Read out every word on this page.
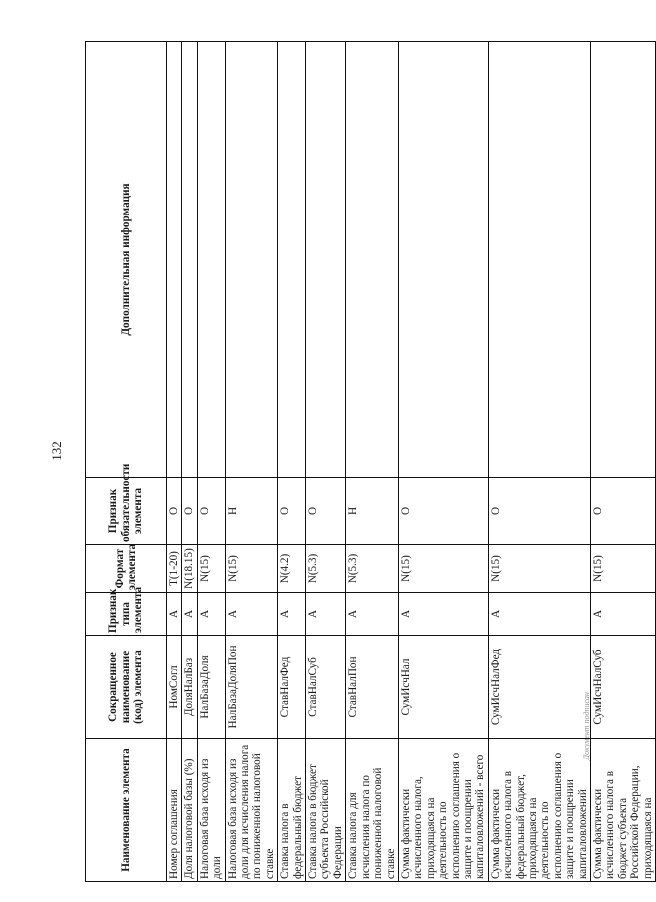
132
Документ подписан
Наименование элемента	Сокращенное наименование (код) элемента	Признак типа элемента	Формат элемента	Признак обязательности элемента	Дополнительная информация
Номер соглашения	НомСогл	А	T(1-20)	О	
Доля налоговой базы (%)	ДоляНалБаз	А	N(18.15)	О	
Налоговая база исходя из доли	НалБазаДоля	А	N(15)	О	
Налоговая база исходя из доли для исчисления налога по пониженной налоговой ставке	НалБазаДоляПон	А	N(15)	Н	
Ставка налога в федеральный бюджет	СтавНалФед	А	N(4.2)	О	
Ставка налога в бюджет субъекта Российской Федерации	СтавНалСуб	А	N(5.3)	О	
Ставка налога для исчисления налога по пониженной налоговой ставке	СтавНалПон	А	N(5.3)	Н	
Сумма фактически исчисленного налога, приходящаяся на деятельность по исполнению соглашения о защите и поощрении капиталовложений - всего	СумИсчНал	А	N(15)	О	
Сумма фактически исчисленного налога в федеральный бюджет, приходящаяся на деятельность по исполнению соглашения о защите и поощрении капиталовложений	СумИсчНалФед	А	N(15)	О	
Сумма фактически исчисленного налога в бюджет субъекта Российской Федерации, приходящаяся на	СумИсчНалСуб	А	N(15)	О	
